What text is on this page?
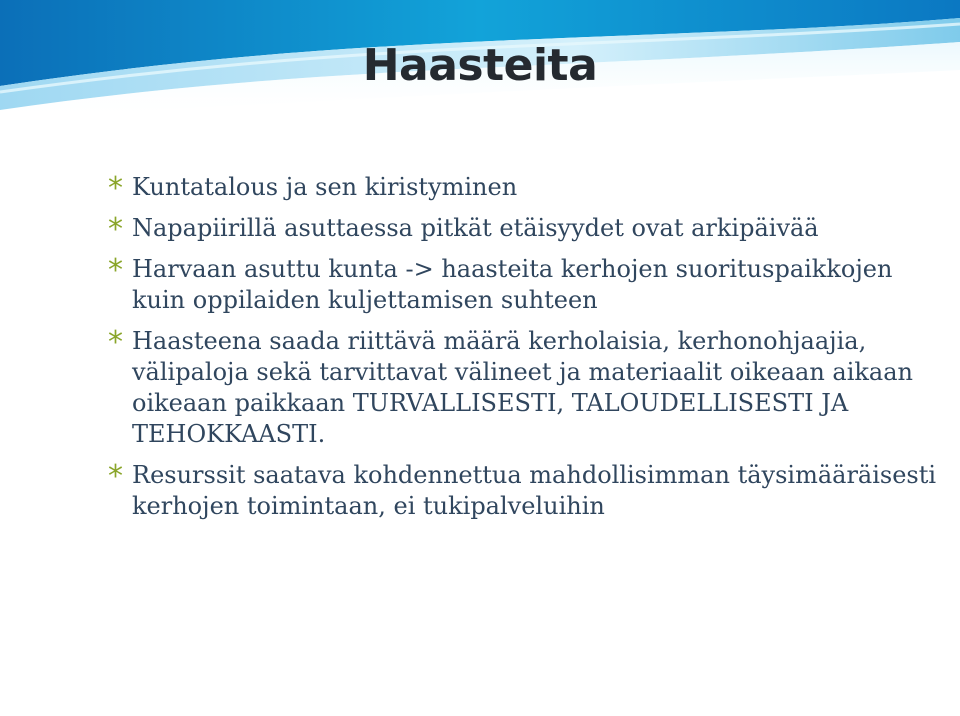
Haasteita
* Kuntatalous ja sen kiristyminen
* Napapiirillä asuttaessa pitkät etäisyydet ovat arkipäivää
* Harvaan asuttu kunta -> haasteita kerhojen suorituspaikkojen kuin oppilaiden kuljettamisen suhteen
* Haasteena saada riittävä määrä kerholaisia, kerhonohjaajia, välipaloja sekä tarvittavat välineet ja materiaalit oikeaan aikaan oikeaan paikkaan TURVALLISESTI, TALOUDELLISESTI JA TEHOKKAASTI.
* Resurssit saatava kohdennettua mahdollisimman täysimääräisesti kerhojen toimintaan, ei tukipalveluihin
